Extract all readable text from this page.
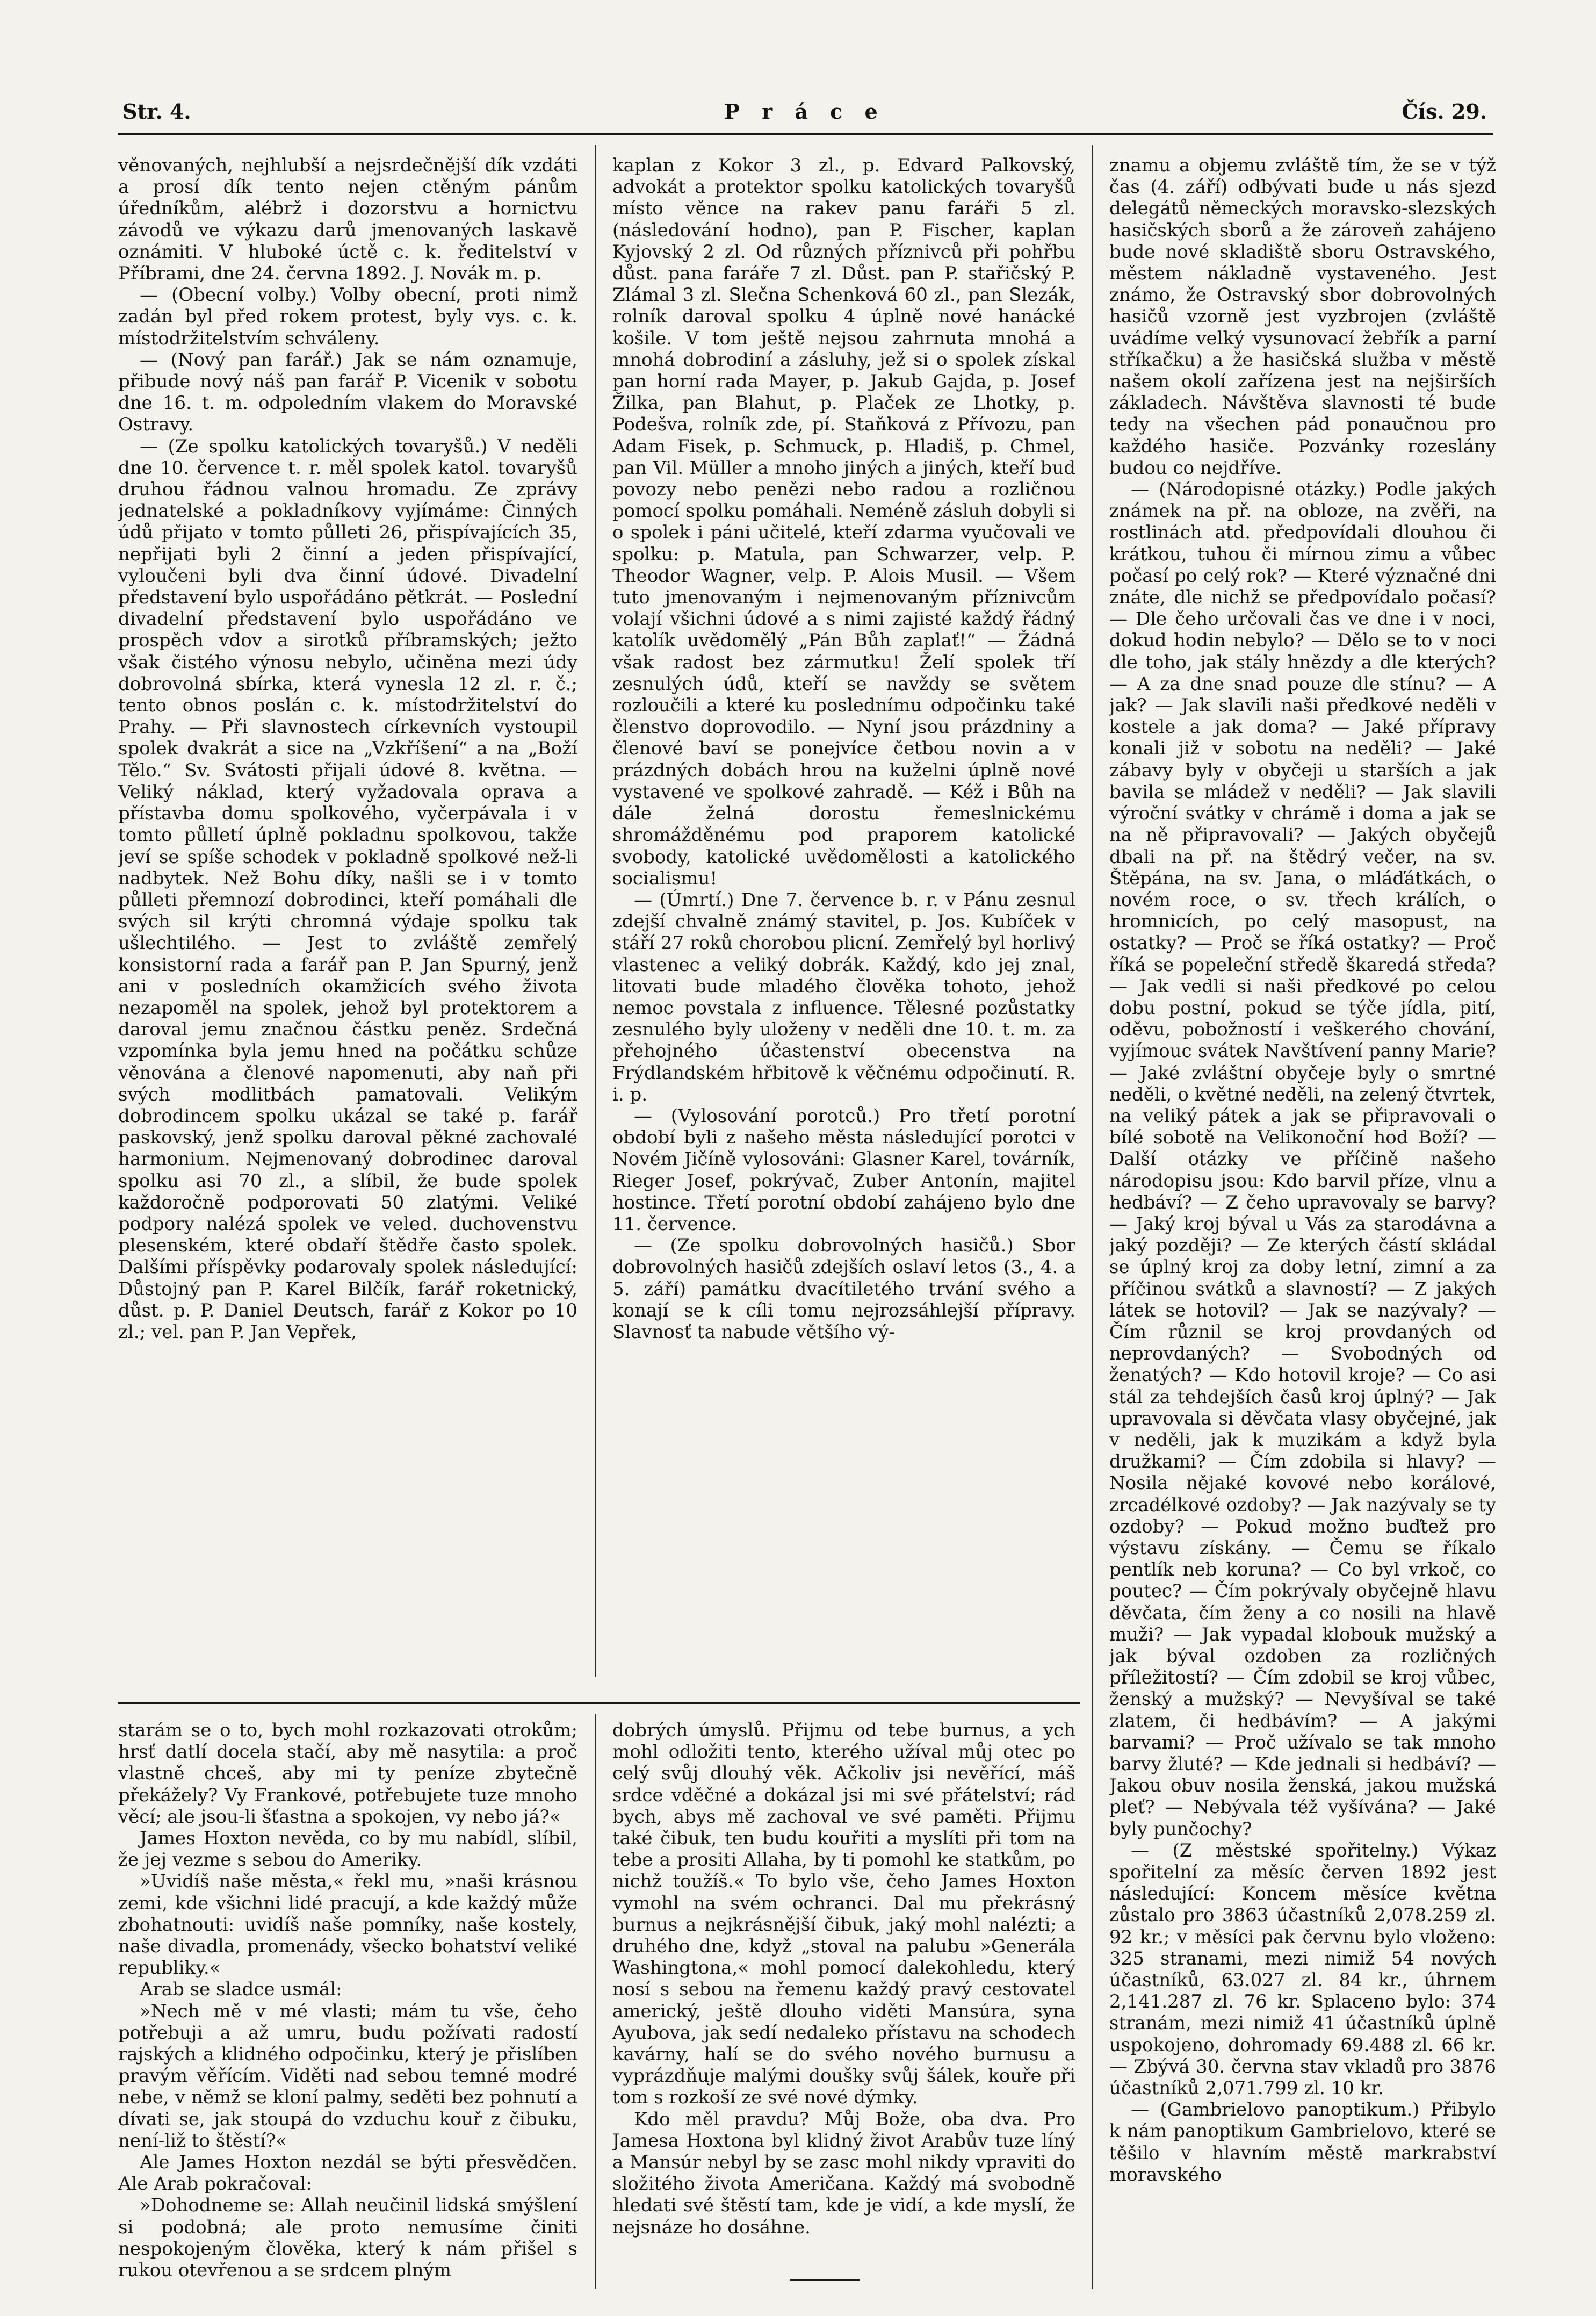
Str. 4.	P r á c e	Čís. 29.

věnovaných, nejhlubší a nejsrdečnější dík vzdáti a prosí dík tento nejen ctěným pánům úředníkům, alébrž i dozorstvu a hornictvu závodů ve výkazu darů jmenovaných laskavě oznámiti. V hluboké úctě c. k. ředitelství v Příbrami, dne 24. června 1892. J. Novák m. p.

— (Obecní volby.) Volby obecní, proti nimž zadán byl před rokem protest, byly vys. c. k. místodržitelstvím schváleny.

— (Nový pan farář.) Jak se nám oznamuje, přibude nový náš pan farář P. Vicenik v sobotu dne 16. t. m. odpoledním vlakem do Moravské Ostravy.

— (Ze spolku katolických tovaryšů.) V neděli dne 10. července t. r. měl spolek katol. tovaryšů druhou řádnou valnou hromadu. Ze zprávy jednatelské a pokladníkovy vyjímáme: Činných údů přijato v tomto půlleti 26, přispívajících 35, nepřijati byli 2 činní a jeden přispívající, vyloučeni byli dva činní údové. Divadelní představení bylo uspořádáno pětkrát. — Poslední divadelní představení bylo uspořádáno ve prospěch vdov a sirotků příbramských; ježto však čistého výnosu nebylo, učiněna mezi údy dobrovolná sbírka, která vynesla 12 zl. r. č.; tento obnos poslán c. k. místodržitelství do Prahy. — Při slavnostech církevních vystoupil spolek dvakrát a sice na „Vzkříšení“ a na „Boží Tělo.“ Sv. Svátosti přijali údové 8. května. — Veliký náklad, který vyžadovala oprava a přístavba domu spolkového, vyčerpávala i v tomto půlletí úplně pokladnu spolkovou, takže jeví se spíše schodek v pokladně spolkové než-li nadbytek. Než Bohu díky, našli se i v tomto půlleti přemnozí dobrodinci, kteří pomáhali dle svých sil krýti chromná výdaje spolku tak ušlechtilého. — Jest to zvláště zemřelý konsistorní rada a farář pan P. Jan Spurný, jenž ani v posledních okamžicích svého života nezapoměl na spolek, jehož byl protektorem a daroval jemu značnou částku peněz. Srdečná vzpomínka byla jemu hned na počátku schůze věnována a členové napomenuti, aby naň při svých modlitbách pamatovali. Velikým dobrodincem spolku ukázal se také p. farář paskovský, jenž spolku daroval pěkné zachovalé harmonium. Nejmenovaný dobrodinec daroval spolku asi 70 zl., a slíbil, že bude spolek každoročně podporovati 50 zlatými. Veliké podpory nalézá spolek ve veled. duchovenstvu plesenském, které obdaří štědře často spolek. Dalšími příspěvky podarovaly spolek následující: Důstojný pan P. Karel Bilčík, farář roketnický, důst. p. P. Daniel Deutsch, farář z Kokor po 10 zl.; vel. pan P. Jan Vepřek,

kaplan z Kokor 3 zl., p. Edvard Palkovský, advokát a protektor spolku katolických tovaryšů místo věnce na rakev panu faráři 5 zl. (následování hodno), pan P. Fischer, kaplan Kyjovský 2 zl. Od různých příznivců při pohřbu důst. pana faráře 7 zl. Důst. pan P. stařičský P. Zlámal 3 zl. Slečna Schenková 60 zl., pan Slezák, rolník daroval spolku 4 úplně nové hanácké košile. V tom ještě nejsou zahrnuta mnohá a mnohá dobrodiní a zásluhy, jež si o spolek získal pan horní rada Mayer, p. Jakub Gajda, p. Josef Žilka, pan Blahut, p. Plaček ze Lhotky, p. Podešva, rolník zde, pí. Staňková z Přívozu, pan Adam Fisek, p. Schmuck, p. Hladiš, p. Chmel, pan Vil. Müller a mnoho jiných a jiných, kteří buď povozy nebo penězi nebo radou a rozličnou pomocí spolku pomáhali. Neméně zásluh dobyli si o spolek i páni učitelé, kteří zdarma vyučovali ve spolku: p. Matula, pan Schwarzer, velp. P. Theodor Wagner, velp. P. Alois Musil. — Všem tuto jmenovaným i nejmenovaným příznivcům volají všichni údové a s nimi zajisté každý řádný katolík uvědomělý „Pán Bůh zaplať!“ — Žádná však radost bez zármutku! Želí spolek tří zesnulých údů, kteří se navždy se světem rozloučili a které ku poslednímu odpočinku také členstvo doprovodilo. — Nyní jsou prázdniny a členové baví se ponejvíce četbou novin a v prázdných dobách hrou na kuželni úplně nové vystavené ve spolkové zahradě. — Kéž i Bůh na dále želná dorostu řemeslnickému shromážděnému pod praporem katolické svobody, katolické uvědomělosti a katolického socialismu!

— (Úmrtí.) Dne 7. července b. r. v Pánu zesnul zdejší chvalně známý stavitel, p. Jos. Kubíček v stáří 27 roků chorobou plicní. Zemřelý byl horlivý vlastenec a veliký dobrák. Každý, kdo jej znal, litovati bude mladého člověka tohoto, jehož nemoc povstala z influence. Tělesné pozůstatky zesnulého byly uloženy v neděli dne 10. t. m. za přehojného účastenství obecenstva na Frýdlandském hřbitově k věčnému odpočinutí. R. i. p.

— (Vylosování porotců.) Pro třetí porotní období byli z našeho města následující porotci v Novém Jičíně vylosováni: Glasner Karel, továrník, Rieger Josef, pokrývač, Zuber Antonín, majitel hostince. Třetí porotní období zahájeno bylo dne 11. července.

— (Ze spolku dobrovolných hasičů.) Sbor dobrovolných hasičů zdejších oslaví letos (3., 4. a 5. září) památku dvacítiletého trvání svého a konají se k cíli tomu nejrozsáhlejší přípravy. Slavnosť ta nabude většího vý-

znamu a objemu zvláště tím, že se v týž čas (4. září) odbývati bude u nás sjezd delegátů německých moravsko-slezských hasičských sborů a že zároveň zahájeno bude nové skladiště sboru Ostravského, městem nákladně vystaveného. Jest známo, že Ostravský sbor dobrovolných hasičů vzorně jest vyzbrojen (zvláště uvádíme velký vysunovací žebřík a parní stříkačku) a že hasičská služba v městě našem okolí zařízena jest na nejširších základech. Návštěva slavnosti té bude tedy na všechen pád ponaučnou pro každého hasiče. Pozvánky rozeslány budou co nejdříve.

— (Národopisné otázky.) Podle jakých známek na př. na obloze, na zvěři, na rostlinách atd. předpovídali dlouhou či krátkou, tuhou či mírnou zimu a vůbec počasí po celý rok? — Které význačné dni znáte, dle nichž se předpovídalo počasí? — Dle čeho určovali čas ve dne i v noci, dokud hodin nebylo? — Dělo se to v noci dle toho, jak stály hnězdy a dle kterých? — A za dne snad pouze dle stínu? — A jak? — Jak slavili naši předkové neděli v kostele a jak doma? — Jaké přípravy konali již v sobotu na neděli? — Jaké zábavy byly v obyčeji u starších a jak bavila se mládež v neděli? — Jak slavili výroční svátky v chrámě i doma a jak se na ně připravovali? — Jakých obyčejů dbali na př. na štědrý večer, na sv. Štěpána, na sv. Jana, o mláďátkách, o novém roce, o sv. třech králích, o hromnicích, po celý masopust, na ostatky? — Proč se říká ostatky? — Proč říká se popeleční středě škaredá středa? — Jak vedli si naši předkové po celou dobu postní, pokud se týče jídla, pití, oděvu, pobožností i veškerého chování, vyjímouc svátek Navštívení panny Marie? — Jaké zvláštní obyčeje byly o smrtné neděli, o květné neděli, na zelený čtvrtek, na veliký pátek a jak se připravovali o bílé sobotě na Velikonoční hod Boží? — Další otázky ve příčině našeho národopisu jsou: Kdo barvil příze, vlnu a hedbáví? — Z čeho upravovaly se barvy? — Jaký kroj býval u Vás za starodávna a jaký později? — Ze kterých částí skládal se úplný kroj za doby letní, zimní a za příčinou svátků a slavností? — Z jakých látek se hotovil? — Jak se nazývaly? — Čím různil se kroj provdaných od neprovdaných? — Svobodných od ženatých? — Kdo hotovil kroje? — Co asi stál za tehdejších časů kroj úplný? — Jak upravovala si děvčata vlasy obyčejné, jak v neděli, jak k muzikám a když byla družkami? — Čím zdobila si hlavy? — Nosila nějaké kovové nebo korálové, zrcadélkové ozdoby? — Jak nazývaly se ty ozdoby? — Pokud možno buďtež pro výstavu získány. — Čemu se říkalo pentlík neb koruna? — Co byl vrkoč, co poutec? — Čím pokrývaly obyčejně hlavu děvčata, čím ženy a co nosili na hlavě muži? — Jak vypadal klobouk mužský a jak býval ozdoben za rozličných příležitostí? — Čím zdobil se kroj vůbec, ženský a mužský? — Nevyšíval se také zlatem, či hedbávím? — A jakými barvami? — Proč užívalo se tak mnoho barvy žluté? — Kde jednali si hedbáví? — Jakou obuv nosila ženská, jakou mužská pleť? — Nebývala též vyšívána? — Jaké byly punčochy?

— (Z městské spořitelny.) Výkaz spořitelní za měsíc červen 1892 jest následující: Koncem měsíce května zůstalo pro 3863 účastníků 2,078.259 zl. 92 kr.; v měsíci pak červnu bylo vloženo: 325 stranami, mezi nimiž 54 nových účastníků, 63.027 zl. 84 kr., úhrnem 2,141.287 zl. 76 kr. Splaceno bylo: 374 stranám, mezi nimiž 41 účastníků úplně uspokojeno, dohromady 69.488 zl. 66 kr. — Zbývá 30. června stav vkladů pro 3876 účastníků 2,071.799 zl. 10 kr.

— (Gambrielovo panoptikum.) Přibylo k nám panoptikum Gambrielovo, které se těšilo v hlavním městě markrabství moravského

starám se o to, bych mohl rozkazovati otrokům; hrsť datlí docela stačí, aby mě nasytila: a proč vlastně chceš, aby mi ty peníze zbytečně překážely? Vy Frankové, potřebujete tuze mnoho věcí; ale jsou-li šťastna a spokojen, vy nebo já?«

James Hoxton nevěda, co by mu nabídl, slíbil, že jej vezme s sebou do Ameriky.

»Uvidíš naše města,« řekl mu, »naši krásnou zemi, kde všichni lidé pracují, a kde každý může zbohatnouti: uvidíš naše pomníky, naše kostely, naše divadla, promenády, všecko bohatství veliké republiky.«

Arab se sladce usmál:

»Nech mě v mé vlasti; mám tu vše, čeho potřebuji a až umru, budu požívati radostí rajských a klidného odpočinku, který je přislíben pravým věřícím. Viděti nad sebou temné modré nebe, v němž se kloní palmy, seděti bez pohnutí a dívati se, jak stoupá do vzduchu kouř z čibuku, není-liž to štěstí?«

Ale James Hoxton nezdál se býti přesvědčen. Ale Arab pokračoval:

»Dohodneme se: Allah neučinil lidská smýšlení si podobná; ale proto nemusíme činiti nespokojeným člověka, který k nám přišel s rukou otevřenou a se srdcem plným

dobrých úmyslů. Přijmu od tebe burnus, a ych mohl odložiti tento, kterého užíval můj otec po celý svůj dlouhý věk. Ačkoliv jsi nevěřící, máš srdce vděčné a dokázal jsi mi své přátelství; rád bych, abys mě zachoval ve své paměti. Přijmu také čibuk, ten budu kouřiti a myslíti při tom na tebe a prositi Allaha, by ti pomohl ke statkům, po nichž toužíš.« To bylo vše, čeho James Hoxton vymohl na svém ochranci. Dal mu překrásný burnus a nejkrásnější čibuk, jaký mohl nalézti; a druhého dne, když „stoval na palubu »Generála Washingtona,« mohl pomocí dalekohledu, který nosí s sebou na řemenu každý pravý cestovatel americký, ještě dlouho viděti Mansúra, syna Ayubova, jak sedí nedaleko přístavu na schodech kavárny, halí se do svého nového burnusu a vyprázdňuje malými doušky svůj šálek, kouře při tom s rozkoší ze své nové dýmky.

Kdo měl pravdu? Můj Bože, oba dva. Pro Jamesa Hoxtona byl klidný život Arabův tuze líný a Mansúr nebyl by se zasc mohl nikdy vpraviti do složitého života Američana. Každý má svobodně hledati své štěstí tam, kde je vidí, a kde myslí, že nejsnáze ho dosáhne.
